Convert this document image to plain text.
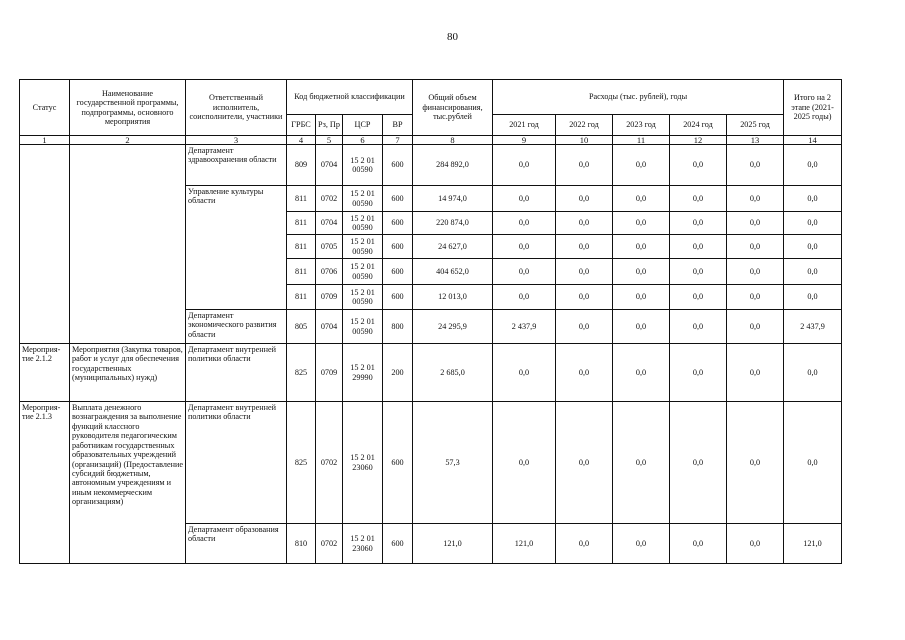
80
Статус	Наименование государственной программы, подпрограммы, основного мероприятия	Ответственный исполнитель, соисполнители, участники	Код бюджетной классификации				Общий объем финансирования, тыс.рублей	Расходы (тыс. рублей), годы					Итого на 2 этапе (2021-2025 годы)
			ГРБС	Рз, Пр	ЦСР	ВР		2021 год	2022 год	2023 год	2024 год	2025 год	
1	2	3	4	5	6	7	8	9	10	11	12	13	14
		Департамент здравоохранения области	809	0704	15 2 01 00590	600	284 892,0	0,0	0,0	0,0	0,0	0,0	0,0
		Управление культуры области	811	0702	15 2 01 00590	600	14 974,0	0,0	0,0	0,0	0,0	0,0	0,0
			811	0704	15 2 01 00590	600	220 874,0	0,0	0,0	0,0	0,0	0,0	0,0
			811	0705	15 2 01 00590	600	24 627,0	0,0	0,0	0,0	0,0	0,0	0,0
			811	0706	15 2 01 00590	600	404 652,0	0,0	0,0	0,0	0,0	0,0	0,0
			811	0709	15 2 01 00590	600	12 013,0	0,0	0,0	0,0	0,0	0,0	0,0
		Департамент экономического развития области	805	0704	15 2 01 00590	800	24 295,9	2 437,9	0,0	0,0	0,0	0,0	2 437,9
Мероприя-тие 2.1.2	Мероприятия (Закупка товаров, работ и услуг для обеспечения государственных (муниципальных) нужд)	Департамент внутренней политики области	825	0709	15 2 01 29990	200	2 685,0	0,0	0,0	0,0	0,0	0,0	0,0
Мероприя-тие 2.1.3	Выплата денежного вознаграждения за выполнение функций классного руководителя педагогическим работникам государственных образовательных учреждений (организаций) (Предоставление субсидий бюджетным, автономным учреждениям и иным некоммерческим организациям)	Департамент внутренней политики области	825	0702	15 2 01 23060	600	57,3	0,0	0,0	0,0	0,0	0,0	0,0
		Департамент образования области	810	0702	15 2 01 23060	600	121,0	121,0	0,0	0,0	0,0	0,0	121,0
